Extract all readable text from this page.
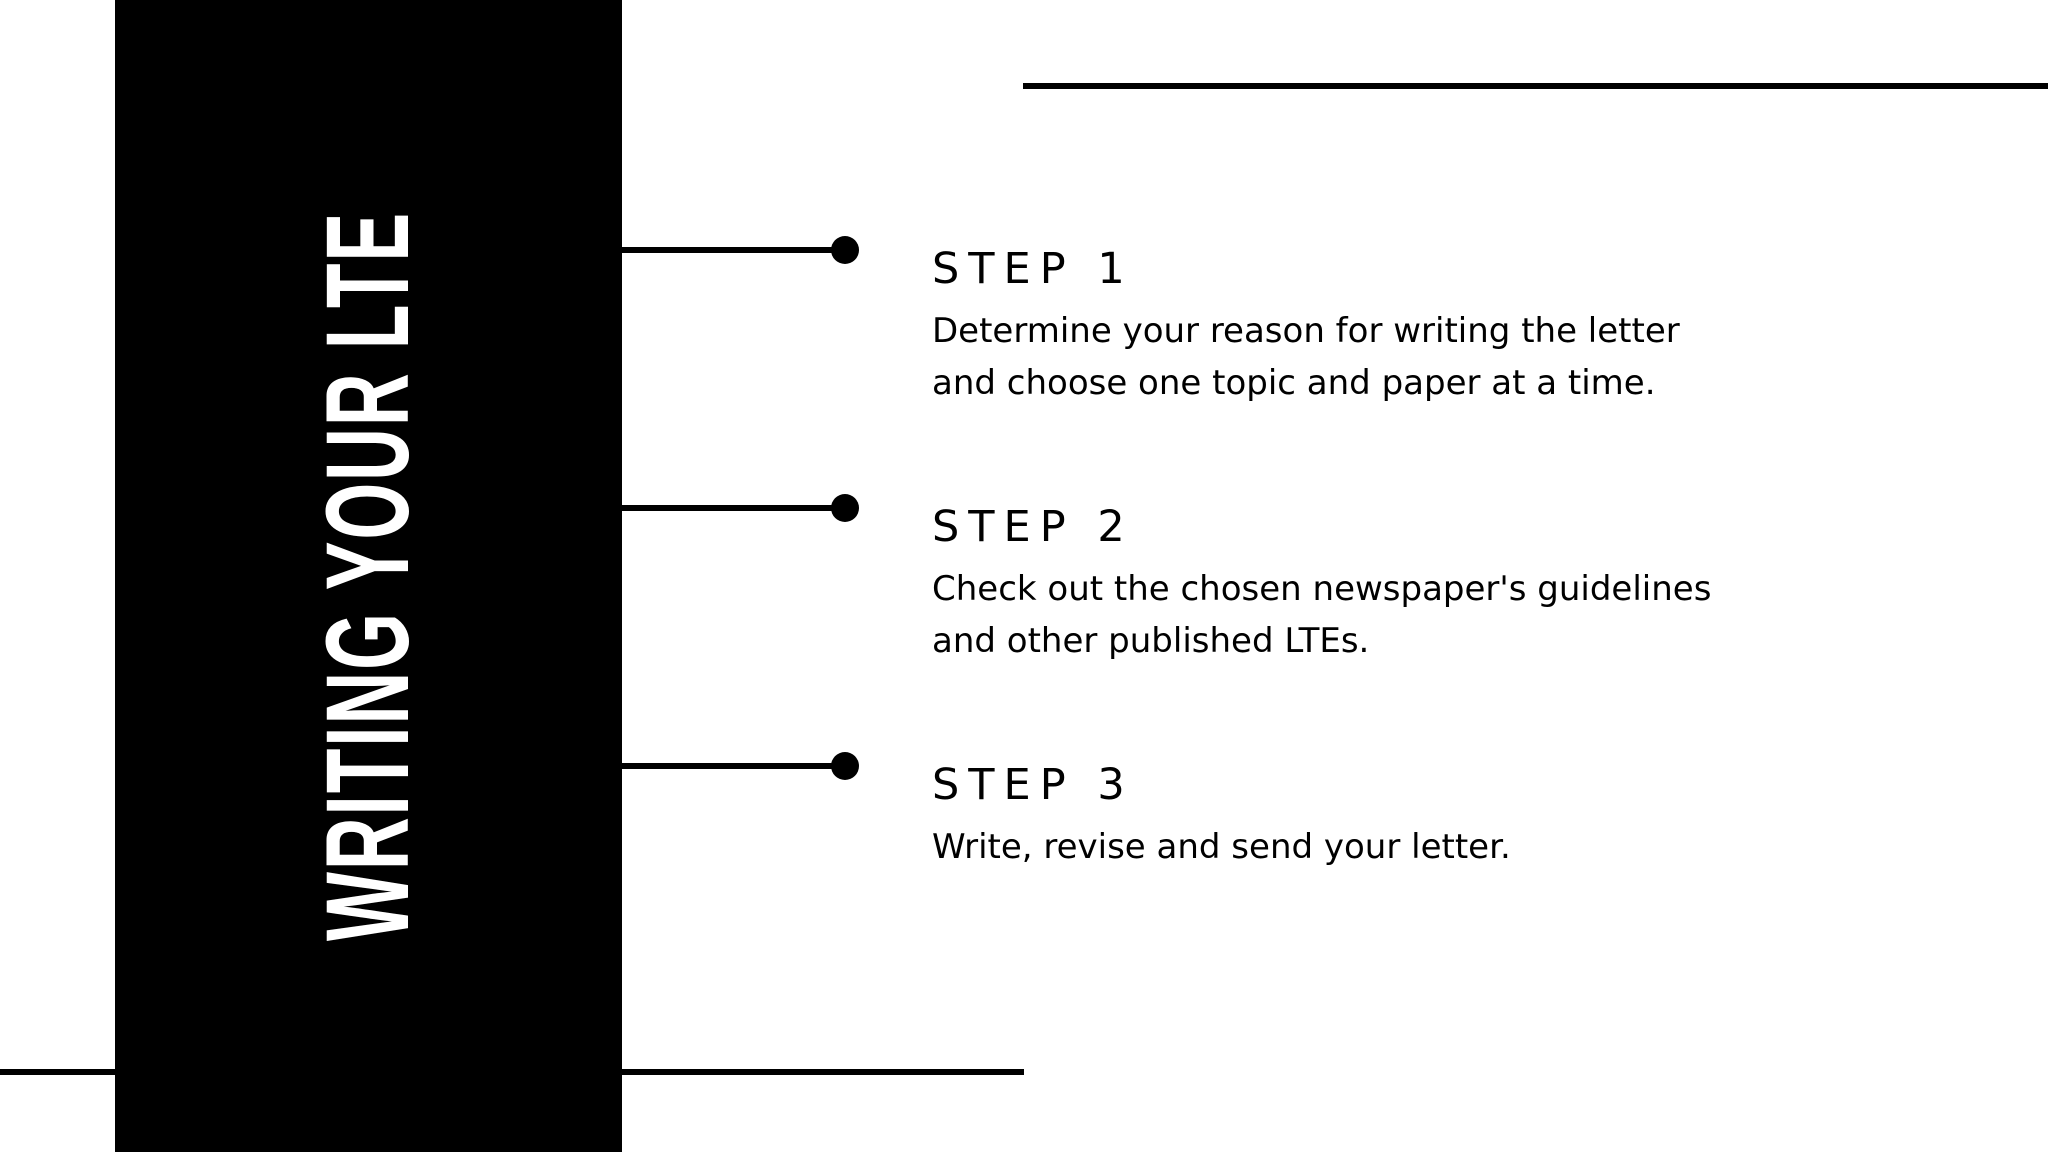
WRITING YOUR LTE	STEP 1

Determine your reason for writing the letter
and choose one topic and paper at a time.

STEP 2

Check out the chosen newspaper's guidelines
and other published LTEs.

STEP 3

Write, revise and send your letter.
